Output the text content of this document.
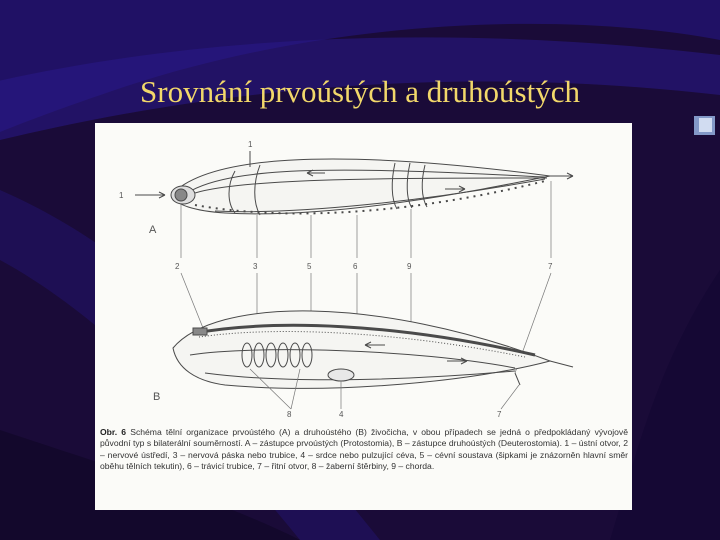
Srovnání prvoústých a druhoústých
1
1
A
2	3	5	6	9	7
B
8	4	7

Obr. 6 Schéma tělní organizace prvoústého (A) a druhoústého (B) živočicha, v obou případech se jedná o předpokládaný vývojově původní typ s bilaterální souměrností. A – zástupce prvoústých (Protostomia), B – zástupce druhoústých (Deuterostomia). 1 – ústní otvor, 2 – nervové ústředí, 3 – nervová páska nebo trubice, 4 – srdce nebo pulzující céva, 5 – cévní soustava (šipkami je znázorněn hlavní směr oběhu tělních tekutin), 6 – trávicí trubice, 7 – řitní otvor, 8 – žaberní štěrbiny, 9 – chorda.
